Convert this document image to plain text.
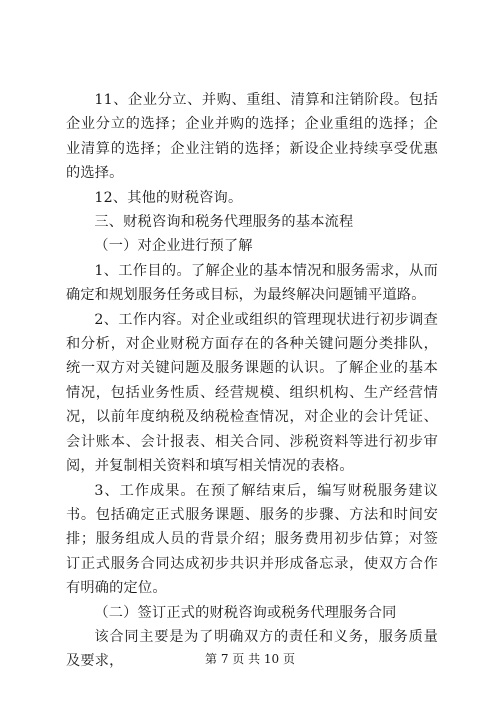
11、企业分立、并购、重组、清算和注销阶段。包括企业分立的选择；企业并购的选择；企业重组的选择；企业清算的选择；企业注销的选择；新设企业持续享受优惠的选择。

12、其他的财税咨询。

三、财税咨询和税务代理服务的基本流程

（一）对企业进行预了解

1、工作目的。了解企业的基本情况和服务需求，从而确定和规划服务任务或目标，为最终解决问题铺平道路。

2、工作内容。对企业或组织的管理现状进行初步调查和分析，对企业财税方面存在的各种关键问题分类排队，统一双方对关键问题及服务课题的认识。了解企业的基本情况，包括业务性质、经营规模、组织机构、生产经营情况，以前年度纳税及纳税检查情况，对企业的会计凭证、会计账本、会计报表、相关合同、涉税资料等进行初步审阅，并复制相关资料和填写相关情况的表格。

3、工作成果。在预了解结束后，编写财税服务建议书。包括确定正式服务课题、服务的步骤、方法和时间安排；服务组成人员的背景介绍；服务费用初步估算；对签订正式服务合同达成初步共识并形成备忘录，使双方合作有明确的定位。

（二）签订正式的财税咨询或税务代理服务合同

该合同主要是为了明确双方的责任和义务，服务质量及要求，	第 7 页 共 10 页
